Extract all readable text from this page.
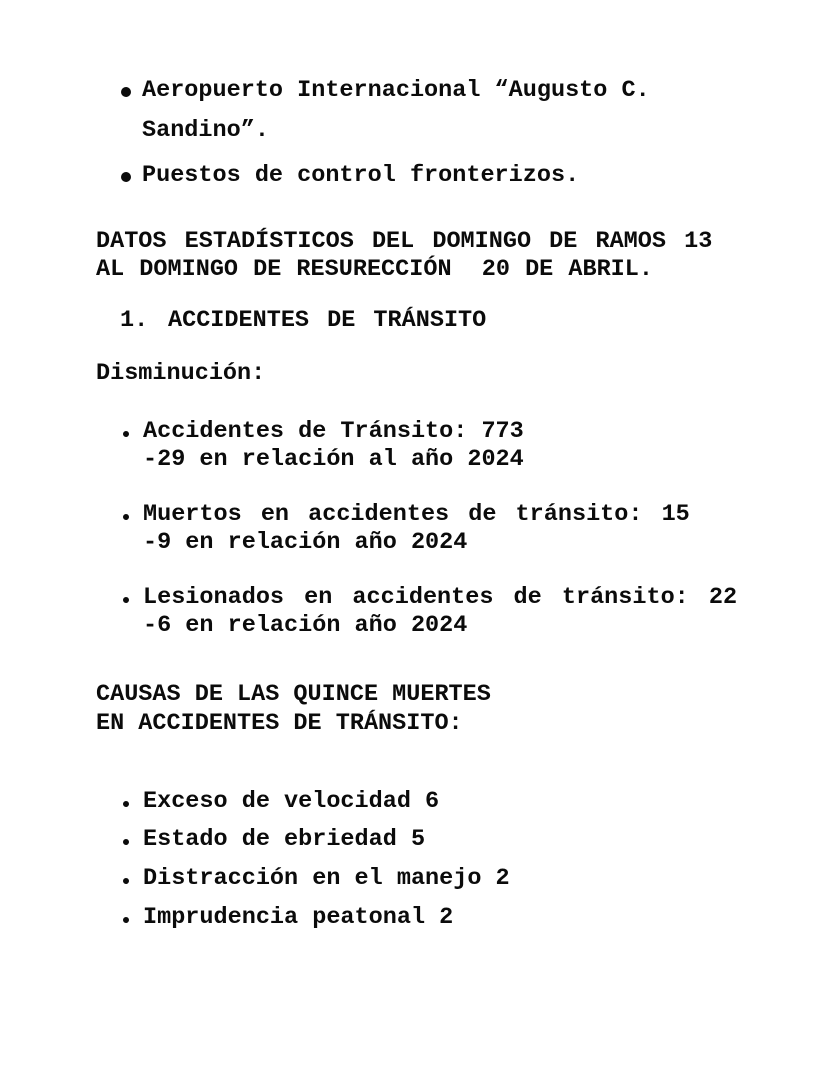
Aeropuerto Internacional “Augusto C.
Sandino”.
Puestos de control fronterizos.
DATOS ESTADÍSTICOS DEL DOMINGO DE RAMOS 13
AL DOMINGO DE RESURECCIÓN  20 DE ABRIL.
1. ACCIDENTES DE TRÁNSITO
Disminución:
Accidentes de Tránsito: 773
-29 en relación al año 2024
Muertos en accidentes de tránsito: 15
-9 en relación año 2024
Lesionados en accidentes de tránsito: 22
-6 en relación año 2024
CAUSAS DE LAS QUINCE MUERTES
EN ACCIDENTES DE TRÁNSITO:
Exceso de velocidad 6
Estado de ebriedad 5
Distracción en el manejo 2
Imprudencia peatonal 2
